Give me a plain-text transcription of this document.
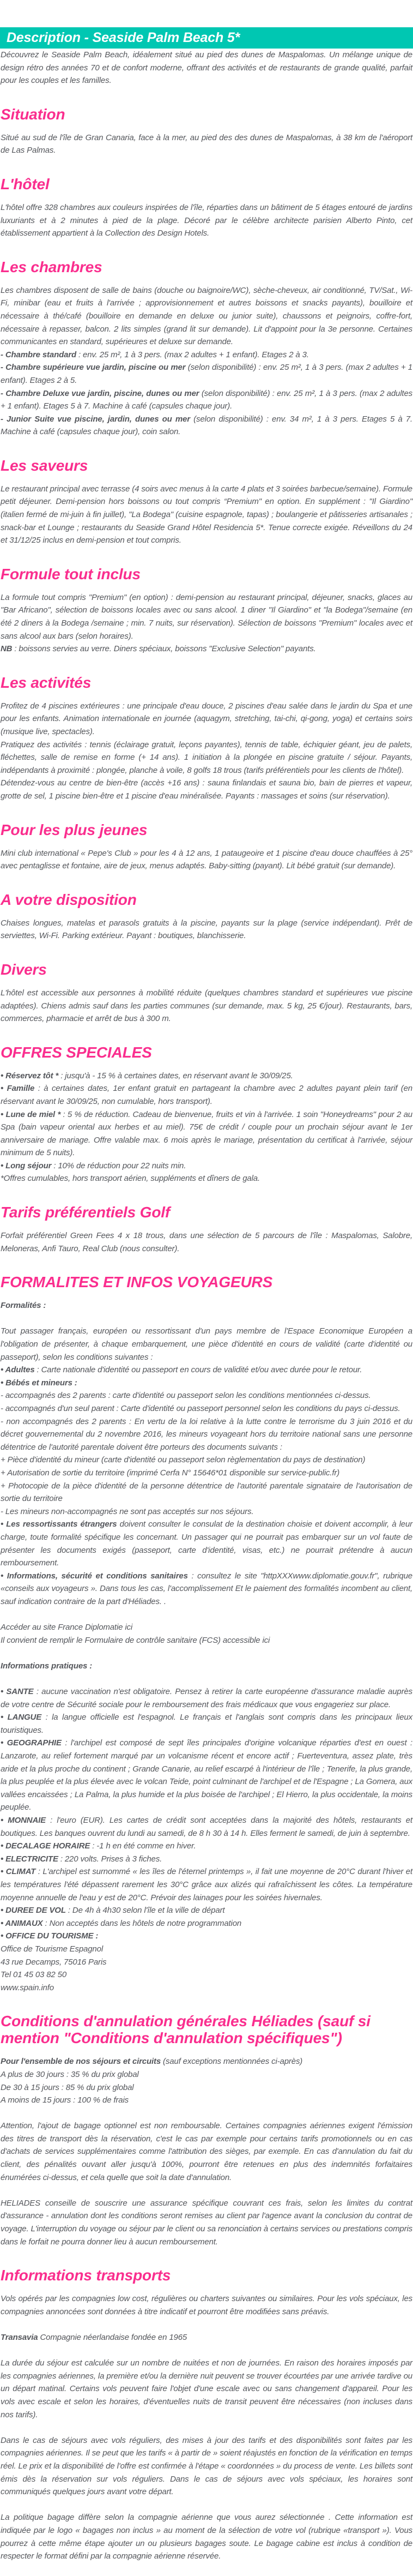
Description - Seaside Palm Beach 5*

Découvrez le Seaside Palm Beach, idéalement situé au pied des dunes de Maspalomas. Un mélange unique de design rétro des années 70 et de confort moderne, offrant des activités et de restaurants de grande qualité, parfait pour les couples et les familles.

Situation

Situé au sud de l'île de Gran Canaria, face à la mer, au pied des des dunes de Maspalomas, à 38 km de l'aéroport de Las Palmas.

L'hôtel

L'hôtel offre 328 chambres aux couleurs inspirées de l'île, réparties dans un bâtiment de 5 étages entouré de jardins luxuriants et à 2 minutes à pied de la plage. Décoré par le célèbre architecte parisien Alberto Pinto, cet établissement appartient à la Collection des Design Hotels.

Les chambres

Les chambres disposent de salle de bains (douche ou baignoire/WC), sèche-cheveux, air conditionné, TV/Sat., Wi-Fi, minibar (eau et fruits à l'arrivée ; approvisionnement et autres boissons et snacks payants), bouilloire et nécessaire à thé/café (bouilloire en demande en deluxe ou junior suite), chaussons et peignoirs, coffre-fort, nécessaire à repasser, balcon. 2 lits simples (grand lit sur demande). Lit d'appoint pour la 3e personne. Certaines communicantes en standard, supérieures et deluxe sur demande.

- Chambre standard : env. 25 m², 1 à 3 pers. (max 2 adultes + 1 enfant). Etages 2 à 3.

- Chambre supérieure vue jardin, piscine ou mer (selon disponibilité) : env. 25 m², 1 à 3 pers. (max 2 adultes + 1 enfant). Etages 2 à 5.

- Chambre Deluxe vue jardin, piscine, dunes ou mer (selon disponibilité) : env. 25 m², 1 à 3 pers. (max 2 adultes + 1 enfant). Etages 5 à 7. Machine à café (capsules chaque jour).

- Junior Suite vue piscine, jardin, dunes ou mer (selon disponibilité) : env. 34 m², 1 à 3 pers. Etages 5 à 7. Machine à café (capsules chaque jour), coin salon.

Les saveurs

Le restaurant principal avec terrasse (4 soirs avec menus à la carte 4 plats et 3 soirées barbecue/semaine). Formule petit déjeuner. Demi-pension hors boissons ou tout compris “Premium" en option. En supplément : "Il Giardino" (italien fermé de mi-juin à fin juillet), "La Bodega" (cuisine espagnole, tapas) ; boulangerie et pâtisseries artisanales ; snack-bar et Lounge ; restaurants du Seaside Grand Hôtel Residencia 5*. Tenue correcte exigée. Réveillons du 24 et 31/12/25 inclus en demi-pension et tout compris.

Formule tout inclus

La formule tout compris "Premium" (en option) : demi-pension au restaurant principal, déjeuner, snacks, glaces au "Bar Africano", sélection de boissons locales avec ou sans alcool. 1 diner "Il Giardino" et "la Bodega"/semaine (en été 2 diners à la Bodega /semaine ; min. 7 nuits, sur réservation). Sélection de boissons "Premium" locales avec et sans alcool aux bars (selon horaires).

NB : boissons servies au verre. Diners spéciaux, boissons "Exclusive Selection" payants.

Les activités

Profitez de 4 piscines extérieures : une principale d'eau douce, 2 piscines d'eau salée dans le jardin du Spa et une pour les enfants. Animation internationale en journée (aquagym, stretching, tai-chi, qi-gong, yoga) et certains soirs (musique live, spectacles).

Pratiquez des activités : tennis (éclairage gratuit, leçons payantes), tennis de table, échiquier géant, jeu de palets, fléchettes, salle de remise en forme (+ 14 ans). 1 initiation à la plongée en piscine gratuite / séjour. Payants, indépendants à proximité : plongée, planche à voile, 8 golfs 18 trous (tarifs préférentiels pour les clients de l'hôtel).

Détendez-vous au centre de bien-être (accès +16 ans) : sauna finlandais et sauna bio, bain de pierres et vapeur, grotte de sel, 1 piscine bien-être et 1 piscine d'eau minéralisée. Payants : massages et soins (sur réservation).

Pour les plus jeunes

Mini club international « Pepe's Club » pour les 4 à 12 ans, 1 pataugeoire et 1 piscine d'eau douce chauffées à 25° avec pentaglisse et fontaine, aire de jeux, menus adaptés. Baby-sitting (payant). Lit bébé gratuit (sur demande).

A votre disposition

Chaises longues, matelas et parasols gratuits à la piscine, payants sur la plage (service indépendant). Prêt de serviettes, Wi-Fi. Parking extérieur. Payant : boutiques, blanchisserie.

Divers

L'hôtel est accessible aux personnes à mobilité réduite (quelques chambres standard et supérieures vue piscine adaptées). Chiens admis sauf dans les parties communes (sur demande, max. 5 kg, 25 €/jour). Restaurants, bars, commerces, pharmacie et arrêt de bus à 300 m.

OFFRES SPECIALES

• Réservez tôt * : jusqu'à - 15 % à certaines dates, en réservant avant le 30/09/25.

• Famille : à certaines dates, 1er enfant gratuit en partageant la chambre avec 2 adultes payant plein tarif (en réservant avant le 30/09/25, non cumulable, hors transport).

• Lune de miel * : 5 % de réduction. Cadeau de bienvenue, fruits et vin à l'arrivée. 1 soin "Honeydreams" pour 2 au Spa (bain vapeur oriental aux herbes et au miel). 75€ de crédit / couple pour un prochain séjour avant le 1er anniversaire de mariage. Offre valable max. 6 mois après le mariage, présentation du certificat à l'arrivée, séjour minimum de 5 nuits).

• Long séjour : 10% de réduction pour 22 nuits min.

*Offres cumulables, hors transport aérien, suppléments et dîners de gala.

Tarifs préférentiels Golf

Forfait préférentiel Green Fees 4 x 18 trous, dans une sélection de 5 parcours de l'île : Maspalomas, Salobre, Meloneras, Anfi Tauro, Real Club (nous consulter).

FORMALITES ET INFOS VOYAGEURS

Formalités :

Tout passager français, européen ou ressortissant d'un pays membre de l'Espace Economique Européen a l'obligation de présenter, à chaque embarquement, une pièce d'identité en cours de validité (carte d'identité ou passeport), selon les conditions suivantes :

• Adultes : Carte nationale d'identité ou passeport en cours de validité et/ou avec durée pour le retour.

• Bébés et mineurs :

- accompagnés des 2 parents : carte d'identité ou passeport selon les conditions mentionnées ci-dessus.

- accompagnés d'un seul parent : Carte d'identité ou passeport personnel selon les conditions du pays ci-dessus.

- non accompagnés des 2 parents : En vertu de la loi relative à la lutte contre le terrorisme du 3 juin 2016 et du décret gouvernemental du 2 novembre 2016, les mineurs voyageant hors du territoire national sans une personne détentrice de l'autorité parentale doivent être porteurs des documents suivants :

+ Pièce d'identité du mineur (carte d'identité ou passeport selon règlementation du pays de destination)

+ Autorisation de sortie du territoire (imprimé Cerfa N° 15646*01 disponible sur service-public.fr)

+ Photocopie de la pièce d'identité de la personne détentrice de l'autorité parentale signataire de l'autorisation de sortie du territoire

- Les mineurs non-accompagnés ne sont pas acceptés sur nos séjours.

• Les ressortissants étrangers doivent consulter le consulat de la destination choisie et doivent accomplir, à leur charge, toute formalité spécifique les concernant. Un passager qui ne pourrait pas embarquer sur un vol faute de présenter les documents exigés (passeport, carte d'identité, visas, etc.) ne pourrait prétendre à aucun remboursement.

• Informations, sécurité et conditions sanitaires : consultez le site "httpXXXwww.diplomatie.gouv.fr", rubrique «conseils aux voyageurs ». Dans tous les cas, l'accomplissement Et le paiement des formalités incombent au client, sauf indication contraire de la part d'Héliades. .

Accéder au site France Diplomatie ici

Il convient de remplir le Formulaire de contrôle sanitaire (FCS) accessible ici

Informations pratiques :

• SANTE : aucune vaccination n'est obligatoire. Pensez à retirer la carte européenne d'assurance maladie auprès de votre centre de Sécurité sociale pour le remboursement des frais médicaux que vous engageriez sur place.

• LANGUE : la langue officielle est l'espagnol. Le français et l'anglais sont compris dans les principaux lieux touristiques.

• GEOGRAPHIE : l'archipel est composé de sept îles principales d'origine volcanique réparties d'est en ouest : Lanzarote, au relief fortement marqué par un volcanisme récent et encore actif ; Fuerteventura, assez plate, très aride et la plus proche du continent ; Grande Canarie, au relief escarpé à l'intérieur de l'île ; Tenerife, la plus grande, la plus peuplée et la plus élevée avec le volcan Teide, point culminant de l'archipel et de l'Espagne ; La Gomera, aux vallées encaissées ; La Palma, la plus humide et la plus boisée de l'archipel ; El Hierro, la plus occidentale, la moins peuplée.

• MONNAIE : l'euro (EUR). Les cartes de crédit sont acceptées dans la majorité des hôtels, restaurants et boutiques. Les banques ouvrent du lundi au samedi, de 8 h 30 à 14 h. Elles ferment le samedi, de juin à septembre.

• DECALAGE HORAIRE : -1 h en été comme en hiver.

• ELECTRICITE : 220 volts. Prises à 3 fiches.

• CLIMAT : L'archipel est surnommé « les îles de l'éternel printemps », il fait une moyenne de 20°C durant l'hiver et les températures l'été dépassent rarement les 30°C grâce aux alizés qui rafraîchissent les côtes. La température moyenne annuelle de l'eau y est de 20°C. Prévoir des lainages pour les soirées hivernales.

• DUREE DE VOL : De 4h à 4h30 selon l'île et la ville de départ

• ANIMAUX : Non acceptés dans les hôtels de notre programmation

• OFFICE DU TOURISME :

Office de Tourisme Espagnol

43 rue Decamps, 75016 Paris

Tel 01 45 03 82 50

www.spain.info

Conditions d'annulation générales Héliades (sauf si mention "Conditions d'annulation spécifiques")

Pour l'ensemble de nos séjours et circuits (sauf exceptions mentionnées ci-après)

A plus de 30 jours : 35 % du prix global

De 30 à 15 jours : 85 % du prix global

A moins de 15 jours : 100 % de frais

Attention, l'ajout de bagage optionnel est non remboursable. Certaines compagnies aériennes exigent l'émission des titres de transport dès la réservation, c'est le cas par exemple pour certains tarifs promotionnels ou en cas d'achats de services supplémentaires comme l'attribution des sièges, par exemple. En cas d'annulation du fait du client, des pénalités ouvant aller jusqu'à 100%, pourront être retenues en plus des indemnités forfaitaires énumérées ci-dessus, et cela quelle que soit la date d'annulation.

HELIADES conseille de souscrire une assurance spécifique couvrant ces frais, selon les limites du contrat d'assurance - annulation dont les conditions seront remises au client par l'agence avant la conclusion du contrat de voyage. L'interruption du voyage ou séjour par le client ou sa renonciation à certains services ou prestations compris dans le forfait ne pourra donner lieu à aucun remboursement.

Informations transports

Vols opérés par les compagnies low cost, régulières ou charters suivantes ou similaires. Pour les vols spéciaux, les compagnies annoncées sont données à titre indicatif et pourront être modifiées sans préavis.

Transavia Compagnie néerlandaise fondée en 1965

La durée du séjour est calculée sur un nombre de nuitées et non de journées. En raison des horaires imposés par les compagnies aériennes, la première et/ou la dernière nuit peuvent se trouver écourtées par une arrivée tardive ou un départ matinal. Certains vols peuvent faire l'objet d'une escale avec ou sans changement d'appareil. Pour les vols avec escale et selon les horaires, d'éventuelles nuits de transit peuvent être nécessaires (non incluses dans nos tarifs).

Dans le cas de séjours avec vols réguliers, des mises à jour des tarifs et des disponibilités sont faites par les compagnies aériennes. Il se peut que les tarifs « à partir de » soient réajustés en fonction de la vérification en temps réel. Le prix et la disponibilité de l'offre est confirmée à l'étape « coordonnées » du process de vente. Les billets sont émis dès la réservation sur vols réguliers. Dans le cas de séjours avec vols spéciaux, les horaires sont communiqués quelques jours avant votre départ.

La politique bagage diffère selon la compagnie aérienne que vous aurez sélectionnée . Cette information est indiquée par le logo « bagages non inclus » au moment de la sélection de votre vol (rubrique «transport »). Vous pourrez à cette même étape ajouter un ou plusieurs bagages soute. Le bagage cabine est inclus à condition de respecter le format défini par la compagnie aérienne réservée.
